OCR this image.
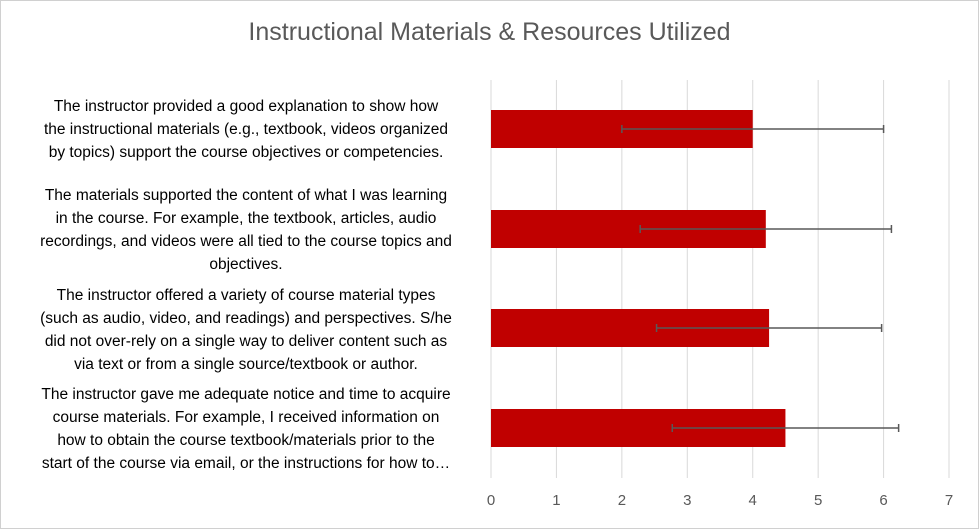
Instructional Materials & Resources Utilized
The instructor provided a good explanation to show how
the instructional materials (e.g., textbook, videos organized
by topics) support the course objectives or competencies.
The materials supported the content of what I was learning
in the course. For example, the textbook, articles, audio
recordings, and videos were all tied to the course topics and
objectives.
The instructor offered a variety of course material types
(such as audio, video, and readings) and perspectives. S/he
did not over-rely on a single way to deliver content such as
via text or from a single source/textbook or author.
The instructor gave me adequate notice and time to acquire
course materials. For example, I received information on
how to obtain the course textbook/materials prior to the
start of the course via email, or the instructions for how to…
0	1	2	3	4	5	6	7
